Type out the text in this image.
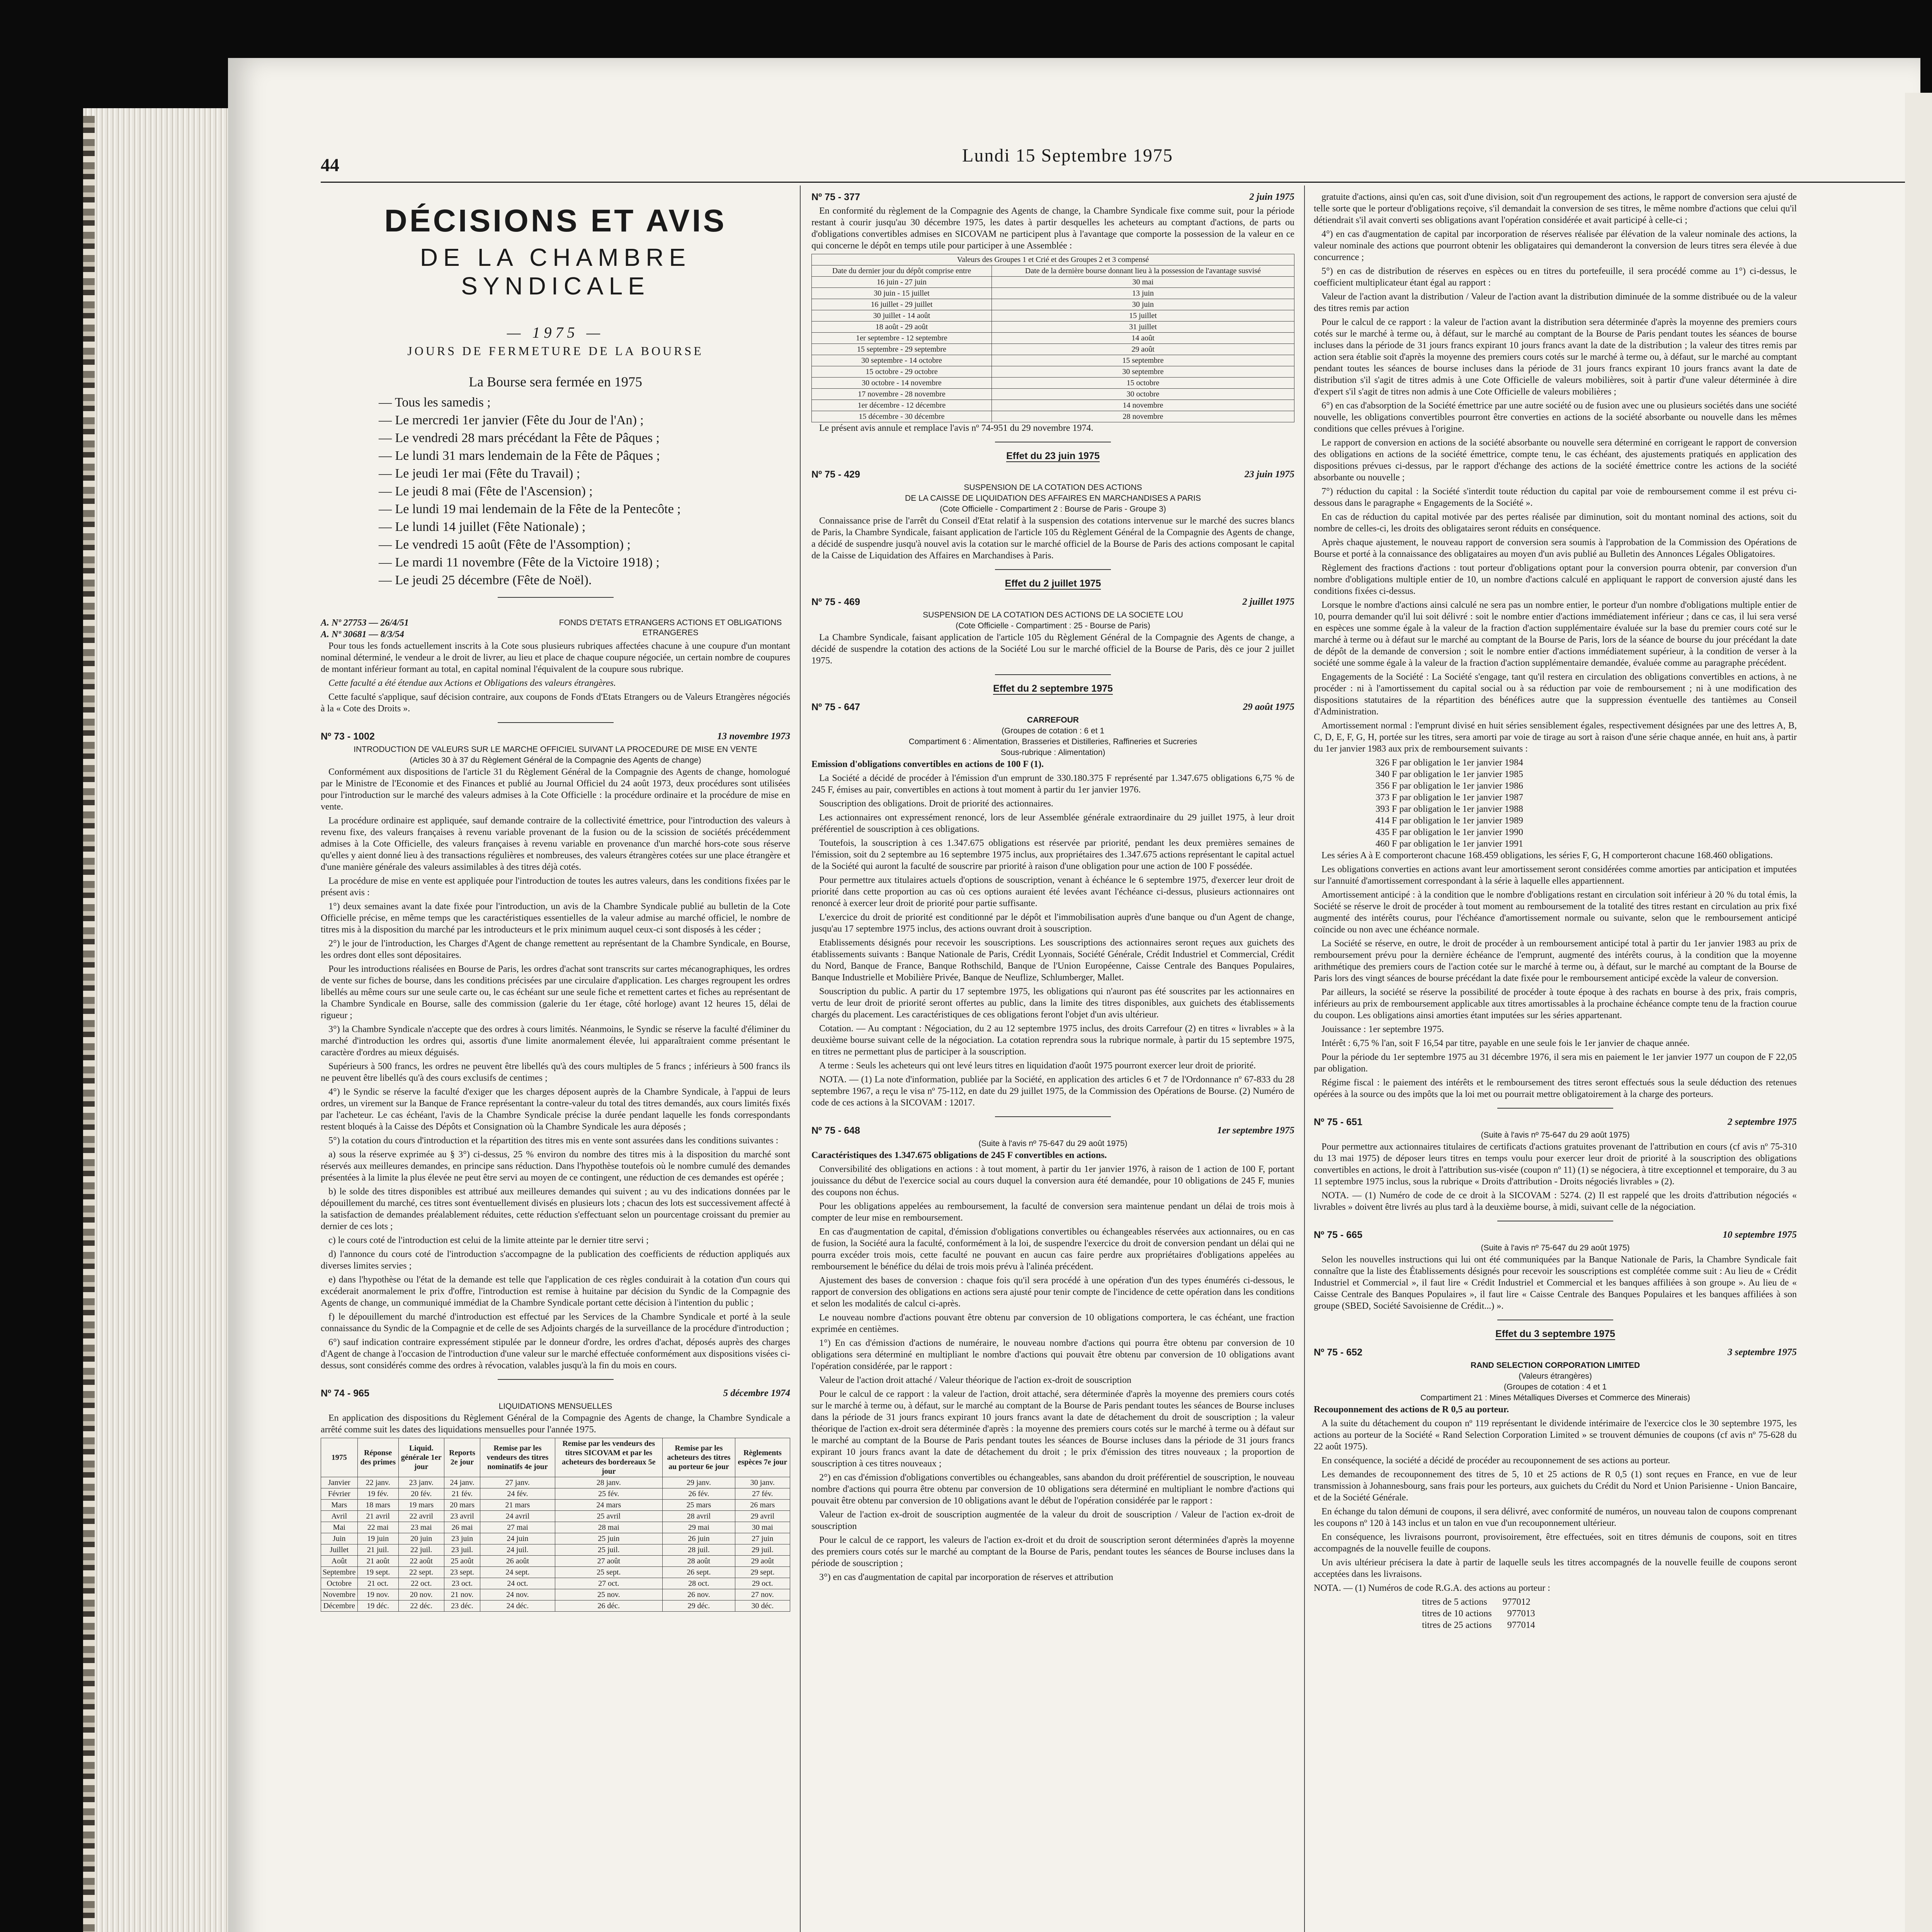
44	Lundi 15 Septembre 1975
DÉCISIONS ET AVIS
DE LA CHAMBRE SYNDICALE
— 1975 —
JOURS DE FERMETURE DE LA BOURSE
La Bourse sera fermée en 1975
— Tous les samedis ;
— Le mercredi 1er janvier (Fête du Jour de l'An) ;
— Le vendredi 28 mars précédant la Fête de Pâques ;
— Le lundi 31 mars lendemain de la Fête de Pâques ;
— Le jeudi 1er mai (Fête du Travail) ;
— Le jeudi 8 mai (Fête de l'Ascension) ;
— Le lundi 19 mai lendemain de la Fête de la Pentecôte ;
— Le lundi 14 juillet (Fête Nationale) ;
— Le vendredi 15 août (Fête de l'Assomption) ;
— Le mardi 11 novembre (Fête de la Victoire 1918) ;
— Le jeudi 25 décembre (Fête de Noël).
A. Nº 27753 — 26/4/51
A. Nº 30681 — 8/3/54
FONDS D'ETATS ETRANGERS ACTIONS ET OBLIGATIONS ETRANGERES

Pour tous les fonds actuellement inscrits à la Cote sous plusieurs rubriques affectées chacune à une coupure d'un montant nominal déterminé, le vendeur a le droit de livrer, au lieu et place de chaque coupure négociée, un certain nombre de coupures de montant inférieur formant au total, en capital nominal l'équivalent de la coupure sous rubrique.

Cette faculté a été étendue aux Actions et Obligations des valeurs étrangères.

Cette faculté s'applique, sauf décision contraire, aux coupons de Fonds d'Etats Etrangers ou de Valeurs Etrangères négociés à la « Cote des Droits ».

Nº 73 - 1002	13 novembre 1973
INTRODUCTION DE VALEURS SUR LE MARCHE OFFICIEL SUIVANT LA PROCEDURE DE MISE EN VENTE
(Articles 30 à 37 du Règlement Général de la Compagnie des Agents de change)

Conformément aux dispositions de l'article 31 du Règlement Général de la Compagnie des Agents de change, homologué par le Ministre de l'Economie et des Finances et publié au Journal Officiel du 24 août 1973, deux procédures sont utilisées pour l'introduction sur le marché des valeurs admises à la Cote Officielle : la procédure ordinaire et la procédure de mise en vente.

La procédure ordinaire est appliquée, sauf demande contraire de la collectivité émettrice, pour l'introduction des valeurs à revenu fixe, des valeurs françaises à revenu variable provenant de la fusion ou de la scission de sociétés précédemment admises à la Cote Officielle, des valeurs françaises à revenu variable en provenance d'un marché hors-cote sous réserve qu'elles y aient donné lieu à des transactions régulières et nombreuses, des valeurs étrangères cotées sur une place étrangère et d'une manière générale des valeurs assimilables à des titres déjà cotés.

La procédure de mise en vente est appliquée pour l'introduction de toutes les autres valeurs, dans les conditions fixées par le présent avis :

1°) deux semaines avant la date fixée pour l'introduction, un avis de la Chambre Syndicale publié au bulletin de la Cote Officielle précise, en même temps que les caractéristiques essentielles de la valeur admise au marché officiel, le nombre de titres mis à la disposition du marché par les introducteurs et le prix minimum auquel ceux-ci sont disposés à les céder ;

2°) le jour de l'introduction, les Charges d'Agent de change remettent au représentant de la Chambre Syndicale, en Bourse, les ordres dont elles sont dépositaires.

Pour les introductions réalisées en Bourse de Paris, les ordres d'achat sont transcrits sur cartes mécanographiques, les ordres de vente sur fiches de bourse, dans les conditions précisées par une circulaire d'application. Les charges regroupent les ordres libellés au même cours sur une seule carte ou, le cas échéant sur une seule fiche et remettent cartes et fiches au représentant de la Chambre Syndicale en Bourse, salle des commission (galerie du 1er étage, côté horloge) avant 12 heures 15, délai de rigueur ;

3°) la Chambre Syndicale n'accepte que des ordres à cours limités. Néanmoins, le Syndic se réserve la faculté d'éliminer du marché d'introduction les ordres qui, assortis d'une limite anormalement élevée, lui apparaîtraient comme présentant le caractère d'ordres au mieux déguisés.

Supérieurs à 500 francs, les ordres ne peuvent être libellés qu'à des cours multiples de 5 francs ; inférieurs à 500 francs ils ne peuvent être libellés qu'à des cours exclusifs de centimes ;

4°) le Syndic se réserve la faculté d'exiger que les charges déposent auprès de la Chambre Syndicale, à l'appui de leurs ordres, un virement sur la Banque de France représentant la contre-valeur du total des titres demandés, aux cours limités fixés par l'acheteur. Le cas échéant, l'avis de la Chambre Syndicale précise la durée pendant laquelle les fonds correspondants restent bloqués à la Caisse des Dépôts et Consignation où la Chambre Syndicale les aura déposés ;

5°) la cotation du cours d'introduction et la répartition des titres mis en vente sont assurées dans les conditions suivantes :

a) sous la réserve exprimée au § 3°) ci-dessus, 25 % environ du nombre des titres mis à la disposition du marché sont réservés aux meilleures demandes, en principe sans réduction. Dans l'hypothèse toutefois où le nombre cumulé des demandes présentées à la limite la plus élevée ne peut être servi au moyen de ce contingent, une réduction de ces demandes est opérée ;

b) le solde des titres disponibles est attribué aux meilleures demandes qui suivent ; au vu des indications données par le dépouillement du marché, ces titres sont éventuellement divisés en plusieurs lots ; chacun des lots est successivement affecté à la satisfaction de demandes préalablement réduites, cette réduction s'effectuant selon un pourcentage croissant du premier au dernier de ces lots ;

c) le cours coté de l'introduction est celui de la limite atteinte par le dernier titre servi ;

d) l'annonce du cours coté de l'introduction s'accompagne de la publication des coefficients de réduction appliqués aux diverses limites servies ;

e) dans l'hypothèse ou l'état de la demande est telle que l'application de ces règles conduirait à la cotation d'un cours qui excéderait anormalement le prix d'offre, l'introduction est remise à huitaine par décision du Syndic de la Compagnie des Agents de change, un communiqué immédiat de la Chambre Syndicale portant cette décision à l'intention du public ;

f) le dépouillement du marché d'introduction est effectué par les Services de la Chambre Syndicale et porté à la seule connaissance du Syndic de la Compagnie et de celle de ses Adjoints chargés de la surveillance de la procédure d'introduction ;

6°) sauf indication contraire expressément stipulée par le donneur d'ordre, les ordres d'achat, déposés auprès des charges d'Agent de change à l'occasion de l'introduction d'une valeur sur le marché effectuée conformément aux dispositions visées ci-dessus, sont considérés comme des ordres à révocation, valables jusqu'à la fin du mois en cours.

Nº 74 - 965	5 décembre 1974
LIQUIDATIONS MENSUELLES

En application des dispositions du Règlement Général de la Compagnie des Agents de change, la Chambre Syndicale a arrêté comme suit les dates des liquidations mensuelles pour l'année 1975.

1975	Réponse des primes	Liquid. générale 1er jour	Reports 2e jour	Remise par les vendeurs des titres nominatifs 4e jour	Remise par les vendeurs des titres SICOVAM et par les acheteurs des bordereaux 5e jour	Remise par les acheteurs des titres au porteur 6e jour	Règlements espèces 7e jour
Janvier	22 janv.	23 janv.	24 janv.	27 janv.	28 janv.	29 janv.	30 janv.
Février	19 fév.	20 fév.	21 fév.	24 fév.	25 fév.	26 fév.	27 fév.
Mars	18 mars	19 mars	20 mars	21 mars	24 mars	25 mars	26 mars
Avril	21 avril	22 avril	23 avril	24 avril	25 avril	28 avril	29 avril
Mai	22 mai	23 mai	26 mai	27 mai	28 mai	29 mai	30 mai
Juin	19 juin	20 juin	23 juin	24 juin	25 juin	26 juin	27 juin
Juillet	21 juil.	22 juil.	23 juil.	24 juil.	25 juil.	28 juil.	29 juil.
Août	21 août	22 août	25 août	26 août	27 août	28 août	29 août
Septembre	19 sept.	22 sept.	23 sept.	24 sept.	25 sept.	26 sept.	29 sept.
Octobre	21 oct.	22 oct.	23 oct.	24 oct.	27 oct.	28 oct.	29 oct.
Novembre	19 nov.	20 nov.	21 nov.	24 nov.	25 nov.	26 nov.	27 nov.
Décembre	19 déc.	22 déc.	23 déc.	24 déc.	26 déc.	29 déc.	30 déc.
Nº 75 - 377	2 juin 1975

En conformité du règlement de la Compagnie des Agents de change, la Chambre Syndicale fixe comme suit, pour la période restant à courir jusqu'au 30 décembre 1975, les dates à partir desquelles les acheteurs au comptant d'actions, de parts ou d'obligations convertibles admises en SICOVAM ne participent plus à l'avantage que comporte la possession de la valeur en ce qui concerne le dépôt en temps utile pour participer à une Assemblée :

Valeurs des Groupes 1 et Crié et des Groupes 2 et 3 compensé	
Date du dernier jour du dépôt comprise entre	Date de la dernière bourse donnant lieu à la possession de l'avantage susvisé
16 juin - 27 juin	30 mai
30 juin - 15 juillet	13 juin
16 juillet - 29 juillet	30 juin
30 juillet - 14 août	15 juillet
18 août - 29 août	31 juillet
1er septembre - 12 septembre	14 août
15 septembre - 29 septembre	29 août
30 septembre - 14 octobre	15 septembre
15 octobre - 29 octobre	30 septembre
30 octobre - 14 novembre	15 octobre
17 novembre - 28 novembre	30 octobre
1er décembre - 12 décembre	14 novembre
15 décembre - 30 décembre	28 novembre

Le présent avis annule et remplace l'avis nº 74-951 du 29 novembre 1974.

Effet du 23 juin 1975
Nº 75 - 429	23 juin 1975
SUSPENSION DE LA COTATION DES ACTIONS
DE LA CAISSE DE LIQUIDATION DES AFFAIRES EN MARCHANDISES A PARIS
(Cote Officielle - Compartiment 2 : Bourse de Paris - Groupe 3)

Connaissance prise de l'arrêt du Conseil d'Etat relatif à la suspension des cotations intervenue sur le marché des sucres blancs de Paris, la Chambre Syndicale, faisant application de l'article 105 du Règlement Général de la Compagnie des Agents de change, a décidé de suspendre jusqu'à nouvel avis la cotation sur le marché officiel de la Bourse de Paris des actions composant le capital de la Caisse de Liquidation des Affaires en Marchandises à Paris.

Effet du 2 juillet 1975
Nº 75 - 469	2 juillet 1975
SUSPENSION DE LA COTATION DES ACTIONS DE LA SOCIETE LOU
(Cote Officielle - Compartiment : 25 - Bourse de Paris)

La Chambre Syndicale, faisant application de l'article 105 du Règlement Général de la Compagnie des Agents de change, a décidé de suspendre la cotation des actions de la Société Lou sur le marché officiel de la Bourse de Paris, dès ce jour 2 juillet 1975.

Effet du 2 septembre 1975
Nº 75 - 647	29 août 1975
CARREFOUR
(Groupes de cotation : 6 et 1
Compartiment 6 : Alimentation, Brasseries et Distilleries, Raffineries et Sucreries
Sous-rubrique : Alimentation)

Emission d'obligations convertibles en actions de 100 F (1).

La Société a décidé de procéder à l'émission d'un emprunt de 330.180.375 F représenté par 1.347.675 obligations 6,75 % de 245 F, émises au pair, convertibles en actions à tout moment à partir du 1er janvier 1976.

Souscription des obligations. Droit de priorité des actionnaires.

Les actionnaires ont expressément renoncé, lors de leur Assemblée générale extraordinaire du 29 juillet 1975, à leur droit préférentiel de souscription à ces obligations.

Toutefois, la souscription à ces 1.347.675 obligations est réservée par priorité, pendant les deux premières semaines de l'émission, soit du 2 septembre au 16 septembre 1975 inclus, aux propriétaires des 1.347.675 actions représentant le capital actuel de la Société qui auront la faculté de souscrire par priorité à raison d'une obligation pour une action de 100 F possédée.

Pour permettre aux titulaires actuels d'options de souscription, venant à échéance le 6 septembre 1975, d'exercer leur droit de priorité dans cette proportion au cas où ces options auraient été levées avant l'échéance ci-dessus, plusieurs actionnaires ont renoncé à exercer leur droit de priorité pour partie suffisante.

L'exercice du droit de priorité est conditionné par le dépôt et l'immobilisation auprès d'une banque ou d'un Agent de change, jusqu'au 17 septembre 1975 inclus, des actions ouvrant droit à souscription.

Etablissements désignés pour recevoir les souscriptions. Les souscriptions des actionnaires seront reçues aux guichets des établissements suivants : Banque Nationale de Paris, Crédit Lyonnais, Société Générale, Crédit Industriel et Commercial, Crédit du Nord, Banque de France, Banque Rothschild, Banque de l'Union Européenne, Caisse Centrale des Banques Populaires, Banque Industrielle et Mobilière Privée, Banque de Neuflize, Schlumberger, Mallet.

Souscription du public. A partir du 17 septembre 1975, les obligations qui n'auront pas été souscrites par les actionnaires en vertu de leur droit de priorité seront offertes au public, dans la limite des titres disponibles, aux guichets des établissements chargés du placement. Les caractéristiques de ces obligations feront l'objet d'un avis ultérieur.

Cotation. — Au comptant : Négociation, du 2 au 12 septembre 1975 inclus, des droits Carrefour (2) en titres « livrables » à la deuxième bourse suivant celle de la négociation. La cotation reprendra sous la rubrique normale, à partir du 15 septembre 1975, en titres ne permettant plus de participer à la souscription.

A terme : Seuls les acheteurs qui ont levé leurs titres en liquidation d'août 1975 pourront exercer leur droit de priorité.

NOTA. — (1) La note d'information, publiée par la Société, en application des articles 6 et 7 de l'Ordonnance nº 67-833 du 28 septembre 1967, a reçu le visa nº 75-112, en date du 29 juillet 1975, de la Commission des Opérations de Bourse. (2) Numéro de code de ces actions à la SICOVAM : 12017.

Nº 75 - 648	1er septembre 1975
(Suite à l'avis nº 75-647 du 29 août 1975)

Caractéristiques des 1.347.675 obligations de 245 F convertibles en actions.

Conversibilité des obligations en actions : à tout moment, à partir du 1er janvier 1976, à raison de 1 action de 100 F, portant jouissance du début de l'exercice social au cours duquel la conversion aura été demandée, pour 10 obligations de 245 F, munies des coupons non échus.

Pour les obligations appelées au remboursement, la faculté de conversion sera maintenue pendant un délai de trois mois à compter de leur mise en remboursement.

En cas d'augmentation de capital, d'émission d'obligations convertibles ou échangeables réservées aux actionnaires, ou en cas de fusion, la Société aura la faculté, conformément à la loi, de suspendre l'exercice du droit de conversion pendant un délai qui ne pourra excéder trois mois, cette faculté ne pouvant en aucun cas faire perdre aux propriétaires d'obligations appelées au remboursement le bénéfice du délai de trois mois prévu à l'alinéa précédent.

Ajustement des bases de conversion : chaque fois qu'il sera procédé à une opération d'un des types énumérés ci-dessous, le rapport de conversion des obligations en actions sera ajusté pour tenir compte de l'incidence de cette opération dans les conditions et selon les modalités de calcul ci-après.

Le nouveau nombre d'actions pouvant être obtenu par conversion de 10 obligations comportera, le cas échéant, une fraction exprimée en centièmes.

1°) En cas d'émission d'actions de numéraire, le nouveau nombre d'actions qui pourra être obtenu par conversion de 10 obligations sera déterminé en multipliant le nombre d'actions qui pouvait être obtenu par conversion de 10 obligations avant l'opération considérée, par le rapport :

Valeur de l'action droit attaché / Valeur théorique de l'action ex-droit de souscription

Pour le calcul de ce rapport : la valeur de l'action, droit attaché, sera déterminée d'après la moyenne des premiers cours cotés sur le marché à terme ou, à défaut, sur le marché au comptant de la Bourse de Paris pendant toutes les séances de Bourse incluses dans la période de 31 jours francs expirant 10 jours francs avant la date de détachement du droit de souscription ; la valeur théorique de l'action ex-droit sera déterminée d'après : la moyenne des premiers cours cotés sur le marché à terme ou à défaut sur le marché au comptant de la Bourse de Paris pendant toutes les séances de Bourse incluses dans la période de 31 jours francs expirant 10 jours francs avant la date de détachement du droit ; le prix d'émission des titres nouveaux ; la proportion de souscription à ces titres nouveaux ;

2°) en cas d'émission d'obligations convertibles ou échangeables, sans abandon du droit préférentiel de souscription, le nouveau nombre d'actions qui pourra être obtenu par conversion de 10 obligations sera déterminé en multipliant le nombre d'actions qui pouvait être obtenu par conversion de 10 obligations avant le début de l'opération considérée par le rapport :

Valeur de l'action ex-droit de souscription augmentée de la valeur du droit de souscription / Valeur de l'action ex-droit de souscription

Pour le calcul de ce rapport, les valeurs de l'action ex-droit et du droit de souscription seront déterminées d'après la moyenne des premiers cours cotés sur le marché au comptant de la Bourse de Paris, pendant toutes les séances de Bourse incluses dans la période de souscription ;

3°) en cas d'augmentation de capital par incorporation de réserves et attribution

gratuite d'actions, ainsi qu'en cas, soit d'une division, soit d'un regroupement des actions, le rapport de conversion sera ajusté de telle sorte que le porteur d'obligations reçoive, s'il demandait la conversion de ses titres, le même nombre d'actions que celui qu'il détiendrait s'il avait converti ses obligations avant l'opération considérée et avait participé à celle-ci ;

4°) en cas d'augmentation de capital par incorporation de réserves réalisée par élévation de la valeur nominale des actions, la valeur nominale des actions que pourront obtenir les obligataires qui demanderont la conversion de leurs titres sera élevée à due concurrence ;

5°) en cas de distribution de réserves en espèces ou en titres du portefeuille, il sera procédé comme au 1°) ci-dessus, le coefficient multiplicateur étant égal au rapport :

Valeur de l'action avant la distribution / Valeur de l'action avant la distribution diminuée de la somme distribuée ou de la valeur des titres remis par action

Pour le calcul de ce rapport : la valeur de l'action avant la distribution sera déterminée d'après la moyenne des premiers cours cotés sur le marché à terme ou, à défaut, sur le marché au comptant de la Bourse de Paris pendant toutes les séances de bourse incluses dans la période de 31 jours francs expirant 10 jours francs avant la date de la distribution ; la valeur des titres remis par action sera établie soit d'après la moyenne des premiers cours cotés sur le marché à terme ou, à défaut, sur le marché au comptant pendant toutes les séances de bourse incluses dans la période de 31 jours francs expirant 10 jours francs avant la date de distribution s'il s'agit de titres admis à une Cote Officielle de valeurs mobilières, soit à partir d'une valeur déterminée à dire d'expert s'il s'agit de titres non admis à une Cote Officielle de valeurs mobilières ;

6°) en cas d'absorption de la Société émettrice par une autre société ou de fusion avec une ou plusieurs sociétés dans une société nouvelle, les obligations convertibles pourront être converties en actions de la société absorbante ou nouvelle dans les mêmes conditions que celles prévues à l'origine.

Le rapport de conversion en actions de la société absorbante ou nouvelle sera déterminé en corrigeant le rapport de conversion des obligations en actions de la société émettrice, compte tenu, le cas échéant, des ajustements pratiqués en application des dispositions prévues ci-dessus, par le rapport d'échange des actions de la société émettrice contre les actions de la société absorbante ou nouvelle ;

7°) réduction du capital : la Société s'interdit toute réduction du capital par voie de remboursement comme il est prévu ci-dessous dans le paragraphe « Engagements de la Société ».

En cas de réduction du capital motivée par des pertes réalisée par diminution, soit du montant nominal des actions, soit du nombre de celles-ci, les droits des obligataires seront réduits en conséquence.

Après chaque ajustement, le nouveau rapport de conversion sera soumis à l'approbation de la Commission des Opérations de Bourse et porté à la connaissance des obligataires au moyen d'un avis publié au Bulletin des Annonces Légales Obligatoires.

Règlement des fractions d'actions : tout porteur d'obligations optant pour la conversion pourra obtenir, par conversion d'un nombre d'obligations multiple entier de 10, un nombre d'actions calculé en appliquant le rapport de conversion ajusté dans les conditions fixées ci-dessus.

Lorsque le nombre d'actions ainsi calculé ne sera pas un nombre entier, le porteur d'un nombre d'obligations multiple entier de 10, pourra demander qu'il lui soit délivré : soit le nombre entier d'actions immédiatement inférieur ; dans ce cas, il lui sera versé en espèces une somme égale à la valeur de la fraction d'action supplémentaire évaluée sur la base du premier cours coté sur le marché à terme ou à défaut sur le marché au comptant de la Bourse de Paris, lors de la séance de bourse du jour précédant la date de dépôt de la demande de conversion ; soit le nombre entier d'actions immédiatement supérieur, à la condition de verser à la société une somme égale à la valeur de la fraction d'action supplémentaire demandée, évaluée comme au paragraphe précédent.

Engagements de la Société : La Société s'engage, tant qu'il restera en circulation des obligations convertibles en actions, à ne procéder : ni à l'amortissement du capital social ou à sa réduction par voie de remboursement ; ni à une modification des dispositions statutaires de la répartition des bénéfices autre que la suppression éventuelle des tantièmes au Conseil d'Administration.

Amortissement normal : l'emprunt divisé en huit séries sensiblement égales, respectivement désignées par une des lettres A, B, C, D, E, F, G, H, portée sur les titres, sera amorti par voie de tirage au sort à raison d'une série chaque année, en huit ans, à partir du 1er janvier 1983 aux prix de remboursement suivants :

326 F par obligation le 1er janvier 1984
340 F par obligation le 1er janvier 1985
356 F par obligation le 1er janvier 1986
373 F par obligation le 1er janvier 1987
393 F par obligation le 1er janvier 1988
414 F par obligation le 1er janvier 1989
435 F par obligation le 1er janvier 1990
460 F par obligation le 1er janvier 1991

Les séries A à E comporteront chacune 168.459 obligations, les séries F, G, H comporteront chacune 168.460 obligations.

Les obligations converties en actions avant leur amortissement seront considérées comme amorties par anticipation et imputées sur l'annuité d'amortissement correspondant à la série à laquelle elles appartiennent.

Amortissement anticipé : à la condition que le nombre d'obligations restant en circulation soit inférieur à 20 % du total émis, la Société se réserve le droit de procéder à tout moment au remboursement de la totalité des titres restant en circulation au prix fixé augmenté des intérêts courus, pour l'échéance d'amortissement normale ou suivante, selon que le remboursement anticipé coïncide ou non avec une échéance normale.

La Société se réserve, en outre, le droit de procéder à un remboursement anticipé total à partir du 1er janvier 1983 au prix de remboursement prévu pour la dernière échéance de l'emprunt, augmenté des intérêts courus, à la condition que la moyenne arithmétique des premiers cours de l'action cotée sur le marché à terme ou, à défaut, sur le marché au comptant de la Bourse de Paris lors des vingt séances de bourse précédant la date fixée pour le remboursement anticipé excède la valeur de conversion.

Par ailleurs, la société se réserve la possibilité de procéder à toute époque à des rachats en bourse à des prix, frais compris, inférieurs au prix de remboursement applicable aux titres amortissables à la prochaine échéance compte tenu de la fraction courue du coupon. Les obligations ainsi amorties étant imputées sur les séries appartenant.

Jouissance : 1er septembre 1975.

Intérêt : 6,75 % l'an, soit F 16,54 par titre, payable en une seule fois le 1er janvier de chaque année.

Pour la période du 1er septembre 1975 au 31 décembre 1976, il sera mis en paiement le 1er janvier 1977 un coupon de F 22,05 par obligation.

Régime fiscal : le paiement des intérêts et le remboursement des titres seront effectués sous la seule déduction des retenues opérées à la source ou des impôts que la loi met ou pourrait mettre obligatoirement à la charge des porteurs.

Nº 75 - 651	2 septembre 1975
(Suite à l'avis nº 75-647 du 29 août 1975)

Pour permettre aux actionnaires titulaires de certificats d'actions gratuites provenant de l'attribution en cours (cf avis nº 75-310 du 13 mai 1975) de déposer leurs titres en temps voulu pour exercer leur droit de priorité à la souscription des obligations convertibles en actions, le droit à l'attribution sus-visée (coupon nº 11) (1) se négociera, à titre exceptionnel et temporaire, du 3 au 11 septembre 1975 inclus, sous la rubrique « Droits d'attribution - Droits négociés livrables » (2).

NOTA. — (1) Numéro de code de ce droit à la SICOVAM : 5274. (2) Il est rappelé que les droits d'attribution négociés « livrables » doivent être livrés au plus tard à la deuxième bourse, à midi, suivant celle de la négociation.

Nº 75 - 665	10 septembre 1975
(Suite à l'avis nº 75-647 du 29 août 1975)

Selon les nouvelles instructions qui lui ont été communiquées par la Banque Nationale de Paris, la Chambre Syndicale fait connaître que la liste des Établissements désignés pour recevoir les souscriptions est complétée comme suit : Au lieu de « Crédit Industriel et Commercial », il faut lire « Crédit Industriel et Commercial et les banques affiliées à son groupe ». Au lieu de « Caisse Centrale des Banques Populaires », il faut lire « Caisse Centrale des Banques Populaires et les banques affiliées à son groupe (SBED, Société Savoisienne de Crédit...) ».

Effet du 3 septembre 1975
Nº 75 - 652	3 septembre 1975
RAND SELECTION CORPORATION LIMITED
(Valeurs étrangères)
(Groupes de cotation : 4 et 1
Compartiment 21 : Mines Métalliques Diverses et Commerce des Minerais)

Recouponnement des actions de R 0,5 au porteur.

A la suite du détachement du coupon nº 119 représentant le dividende intérimaire de l'exercice clos le 30 septembre 1975, les actions au porteur de la Société « Rand Selection Corporation Limited » se trouvent démunies de coupons (cf avis nº 75-628 du 22 août 1975).

En conséquence, la société a décidé de procéder au recouponnement de ses actions au porteur.

Les demandes de recouponnement des titres de 5, 10 et 25 actions de R 0,5 (1) sont reçues en France, en vue de leur transmission à Johannesbourg, sans frais pour les porteurs, aux guichets du Crédit du Nord et Union Parisienne - Union Bancaire, et de la Société Générale.

En échange du talon démuni de coupons, il sera délivré, avec conformité de numéros, un nouveau talon de coupons comprenant les coupons nº 120 à 143 inclus et un talon en vue d'un recouponnement ultérieur.

En conséquence, les livraisons pourront, provisoirement, être effectuées, soit en titres démunis de coupons, soit en titres accompagnés de la nouvelle feuille de coupons.

Un avis ultérieur précisera la date à partir de laquelle seuls les titres accompagnés de la nouvelle feuille de coupons seront acceptées dans les livraisons.

NOTA. — (1) Numéros de code R.G.A. des actions au porteur :

titres de 5 actions 977012
titres de 10 actions 977013
titres de 25 actions 977014
